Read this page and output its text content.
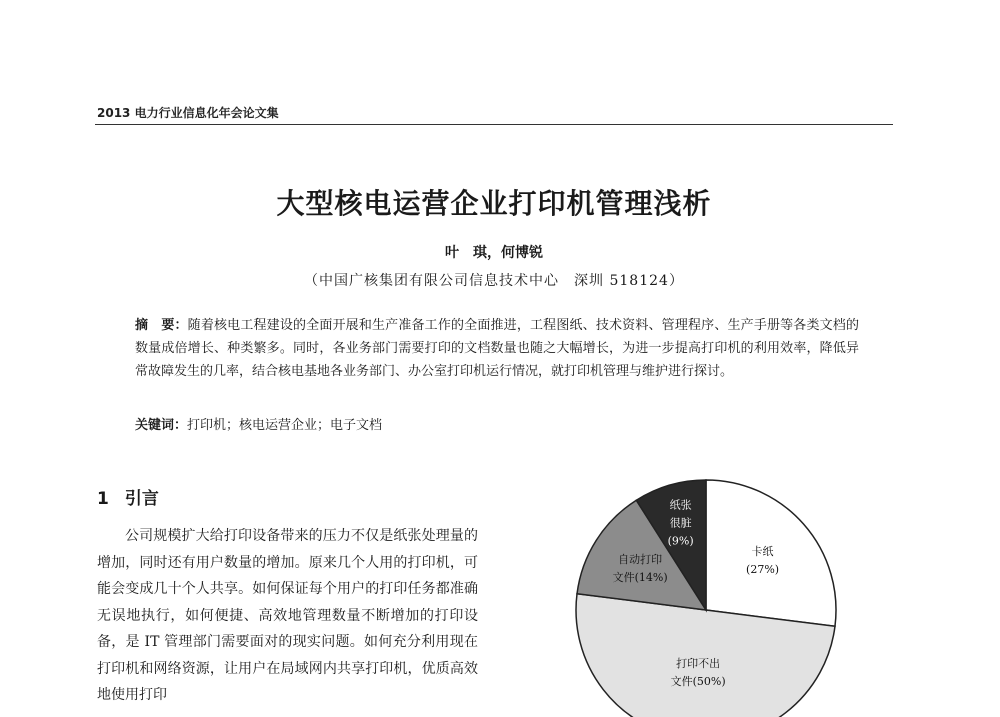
2013 电力行业信息化年会论文集
大型核电运营企业打印机管理浅析
叶　琪，何博锐
（中国广核集团有限公司信息技术中心　深圳 518124）
摘　要：随着核电工程建设的全面开展和生产准备工作的全面推进，工程图纸、技术资料、管理程序、生产手册等各类文档的数量成倍增长、种类繁多。同时，各业务部门需要打印的文档数量也随之大幅增长，为进一步提高打印机的利用效率，降低异常故障发生的几率，结合核电基地各业务部门、办公室打印机运行情况，就打印机管理与维护进行探讨。
关键词：打印机；核电运营企业；电子文档
1 引言
公司规模扩大给打印设备带来的压力不仅是纸张处理量的增加，同时还有用户数量的增加。原来几个人用的打印机，可能会变成几十个人共享。如何保证每个用户的打印任务都准确无误地执行，如何便捷、高效地管理数量不断增加的打印设备，是 IT 管理部门需要面对的现实问题。如何充分利用现在打印机和网络资源，让用户在局域网内共享打印机，优质高效地使用打印
卡纸(27%)
打印不出文件(50%)
自动打印文件(14%)
纸张很脏(9%)
